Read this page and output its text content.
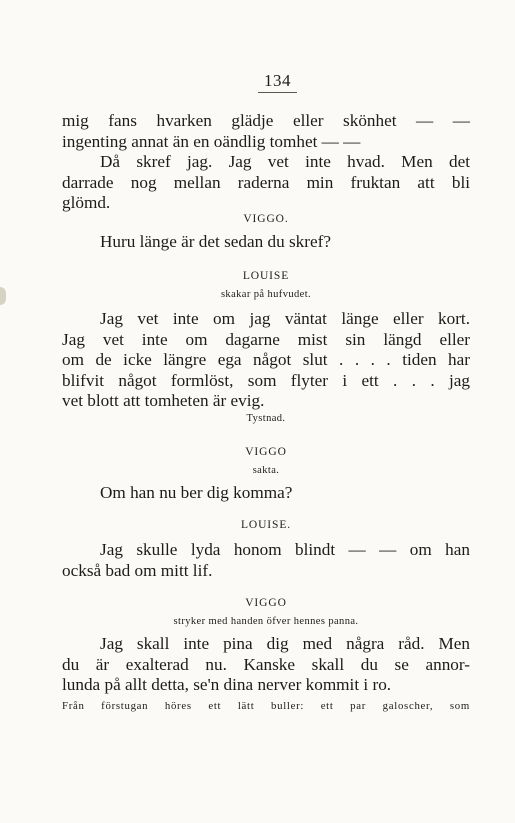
134

mig fans hvarken glädje eller skönhet — —
ingenting annat än en oändlig tomhet — —
Då skref jag. Jag vet inte hvad. Men det
darrade nog mellan raderna min fruktan att bli
glömd.

VIGGO.

Huru länge är det sedan du skref?

LOUISE
skakar på hufvudet.

Jag vet inte om jag väntat länge eller kort.
Jag vet inte om dagarne mist sin längd eller
om de icke längre ega något slut . . . . tiden har
blifvit något formlöst, som flyter i ett . . . jag
vet blott att tomheten är evig.

Tystnad.
VIGGO
sakta.

Om han nu ber dig komma?

LOUISE.

Jag skulle lyda honom blindt — — om han
också bad om mitt lif.

VIGGO
stryker med handen öfver hennes panna.

Jag skall inte pina dig med några råd. Men
du är exalterad nu. Kanske skall du se annor-
lunda på allt detta, se'n dina nerver kommit i ro.

Från förstugan höres ett lätt buller: ett par galoscher, som
